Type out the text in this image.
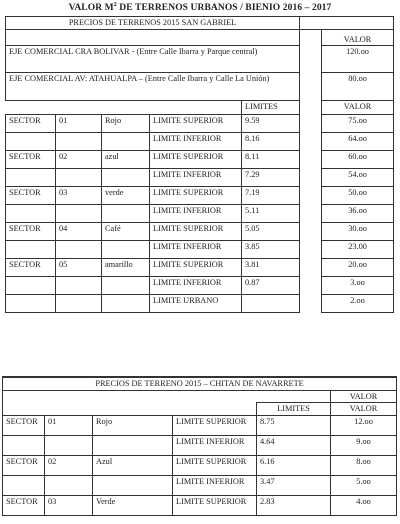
VALOR $M^2$ DE TERRENOS URBANOS / BIENIO 2016 – 2017
PRECIOS DE TERRENOS 2015 SAN GABRIEL						
						VALOR
EJE COMERCIAL CRA BOLIVAR - (Entre Calle Ibarra y Parque central)						120.oo
EJE COMERCIAL AV: ATAHUALPA – (Entre Calle Ibarra y Calle La Unión)						80.oo
				LIMITES		VALOR
SECTOR	01	Rojo	LIMITE SUPERIOR	9.59		75.oo
			LIMITE INFERIOR	8.16		64.oo
SECTOR	02	azul	LIMITE SUPERIOR	8.11		60.oo
			LIMITE INFERIOR	7.29		54.oo
SECTOR	03	verde	LIMITE SUPERIOR	7.19		50.oo
			LIMITE INFERIOR	5.11		36.oo
SECTOR	04	Café	LIMITE SUPERIOR	5.05		30.oo
			LIMITE INFERIOR	3.85		23.00
SECTOR	05	amarillo	LIMITE SUPERIOR	3.81		20.oo
			LIMITE INFERIOR	0.87		3.oo
			LIMITE URBANO			2.oo
PRECIOS DE TERRENO 2015 – CHITAN DE NAVARRETE					
					VALOR
				LIMITES	VALOR
SECTOR	01	Rojo	LIMITE SUPERIOR	8.75	12.oo
			LIMITE INFERIOR	4.64	9.oo
SECTOR	02	Azul	LIMITE SUPERIOR	6.16	8.oo
			LIMITE INFERIOR	3.47	5.oo
SECTOR	03	Verde	LIMITE SUPERIOR	2.83	4.oo
